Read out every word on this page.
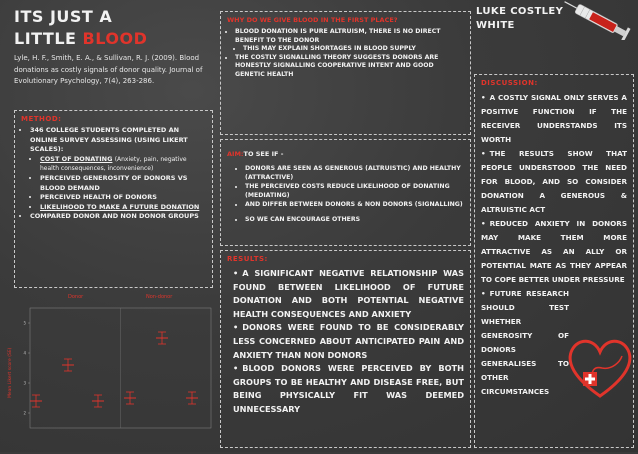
ITS JUST A
LITTLE BLOOD
Lyle, H. F., Smith, E. A., & Sullivan, R. J. (2009). Blood donations as costly signals of donor quality. Journal of Evolutionary Psychology, 7(4), 263-286.
METHOD:
• 346 COLLEGE STUDENTS COMPLETED AN ONLINE SURVEY ASSESSING (USING LIKERT SCALES):
• COST OF DONATING (Anxiety, pain, negative health consequences, inconvenience)
• PERCEIVED GENEROSITY OF DONORS VS BLOOD DEMAND
• PERCEIVED HEALTH OF DONORS
• LIKELIHOOD TO MAKE A FUTURE DONATION
• COMPARED DONOR AND NON DONOR GROUPS
Donor	Non-donor
Mean Likert score (SE)
5
4
3
2
WHY DO WE GIVE BLOOD IN THE FIRST PLACE?
• BLOOD DONATION IS PURE ALTRUISM, THERE IS NO DIRECT BENEFIT TO THE DONOR
• THIS MAY EXPLAIN SHORTAGES IN BLOOD SUPPLY
• THE COSTLY SIGNALLING THEORY SUGGESTS DONORS ARE HONESTLY SIGNALLING COOPERATIVE INTENT AND GOOD GENETIC HEALTH
AIM:TO SEE IF -
• DONORS ARE SEEN AS GENEROUS (ALTRUISTIC) AND HEALTHY (ATTRACTIVE)
• THE PERCEIVED COSTS REDUCE LIKELIHOOD OF DONATING (MEDIATING)
• AND DIFFER BETWEEN DONORS & NON DONORS (SIGNALLING)
• SO WE CAN ENCOURAGE OTHERS
RESULTS:
• A SIGNIFICANT NEGATIVE RELATIONSHIP WAS FOUND BETWEEN LIKELIHOOD OF FUTURE DONATION AND BOTH POTENTIAL NEGATIVE HEALTH CONSEQUENCES AND ANXIETY
• DONORS WERE FOUND TO BE CONSIDERABLY LESS CONCERNED ABOUT ANTICIPATED PAIN AND ANXIETY THAN NON DONORS
• BLOOD DONORS WERE PERCEIVED BY BOTH GROUPS TO BE HEALTHY AND DISEASE FREE, BUT BEING PHYSICALLY FIT WAS DEEMED UNNECESSARY
LUKE COSTLEY
WHITE
DISCUSSION:
• A COSTLY SIGNAL ONLY SERVES A POSITIVE FUNCTION IF THE RECEIVER UNDERSTANDS ITS WORTH
• THE RESULTS SHOW THAT PEOPLE UNDERSTOOD THE NEED FOR BLOOD, AND SO CONSIDER DONATION A GENEROUS & ALTRUISTIC ACT
• REDUCED ANXIETY IN DONORS MAY MAKE THEM MORE ATTRACTIVE AS AN ALLY OR POTENTIAL MATE AS THEY APPEAR TO COPE BETTER UNDER PRESSURE
• FUTURE RESEARCH SHOULD TEST WHETHER GENEROSITY OF DONORS GENERALISES TO OTHER CIRCUMSTANCES
